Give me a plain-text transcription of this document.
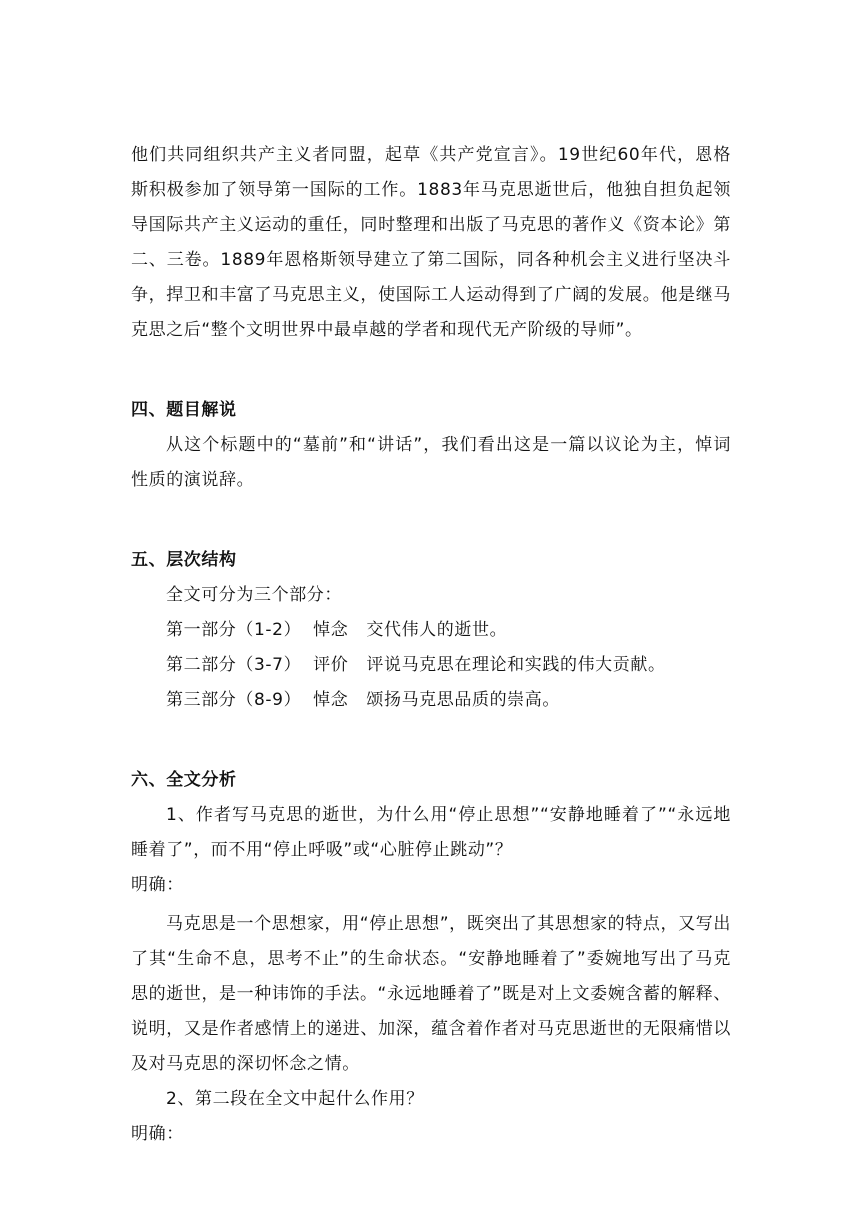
他们共同组织共产主义者同盟，起草《共产党宣言》。19世纪60年代，恩格斯积极参加了领导第一国际的工作。1883年马克思逝世后，他独自担负起领导国际共产主义运动的重任，同时整理和出版了马克思的著作义《资本论》第二、三卷。1889年恩格斯领导建立了第二国际，同各种机会主义进行坚决斗争，捍卫和丰富了马克思主义，使国际工人运动得到了广阔的发展。他是继马克思之后“整个文明世界中最卓越的学者和现代无产阶级的导师”。

四、题目解说

从这个标题中的“墓前”和“讲话”，我们看出这是一篇以议论为主，悼词性质的演说辞。

五、层次结构

全文可分为三个部分：

第一部分（1-2）  悼念   交代伟人的逝世。

第二部分（3-7）  评价   评说马克思在理论和实践的伟大贡献。

第三部分（8-9）  悼念   颂扬马克思品质的崇高。

六、全文分析

1、作者写马克思的逝世，为什么用“停止思想”“安静地睡着了”“永远地睡着了”，而不用“停止呼吸”或“心脏停止跳动”？

明确：

马克思是一个思想家，用“停止思想”，既突出了其思想家的特点，又写出了其“生命不息，思考不止”的生命状态。“安静地睡着了”委婉地写出了马克思的逝世，是一种讳饰的手法。“永远地睡着了”既是对上文委婉含蓄的解释、说明，又是作者感情上的递进、加深，蕴含着作者对马克思逝世的无限痛惜以及对马克思的深切怀念之情。

2、第二段在全文中起什么作用？

明确：
